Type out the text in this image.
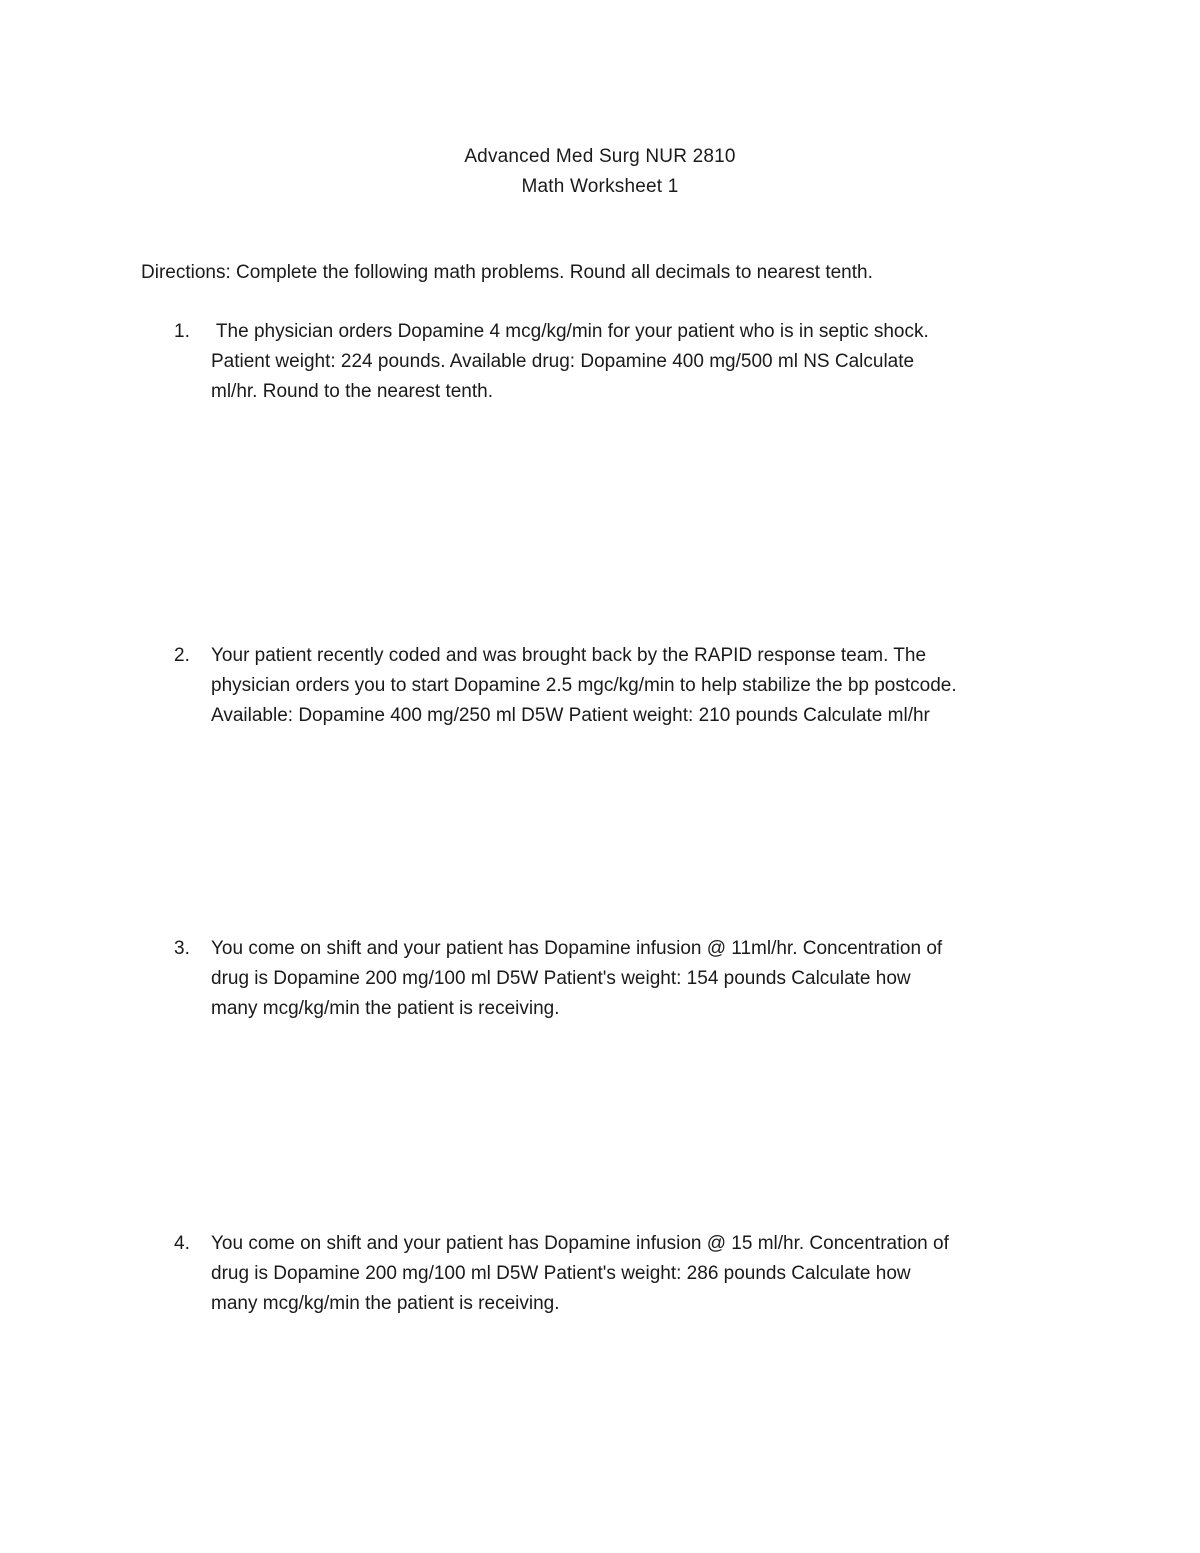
Advanced Med Surg NUR 2810
Math Worksheet 1
Directions: Complete the following math problems. Round all decimals to nearest tenth.
1.	The physician orders Dopamine 4 mcg/kg/min for your patient who is in septic shock.
Patient weight: 224 pounds. Available drug: Dopamine 400 mg/500 ml NS Calculate
ml/hr. Round to the nearest tenth.
2.	Your patient recently coded and was brought back by the RAPID response team. The
physician orders you to start Dopamine 2.5 mgc/kg/min to help stabilize the bp postcode.
Available: Dopamine 400 mg/250 ml D5W Patient weight: 210 pounds Calculate ml/hr
3.	You come on shift and your patient has Dopamine infusion @ 11ml/hr. Concentration of
drug is Dopamine 200 mg/100 ml D5W Patient's weight: 154 pounds Calculate how
many mcg/kg/min the patient is receiving.
4.	You come on shift and your patient has Dopamine infusion @ 15 ml/hr. Concentration of
drug is Dopamine 200 mg/100 ml D5W Patient's weight: 286 pounds Calculate how
many mcg/kg/min the patient is receiving.
